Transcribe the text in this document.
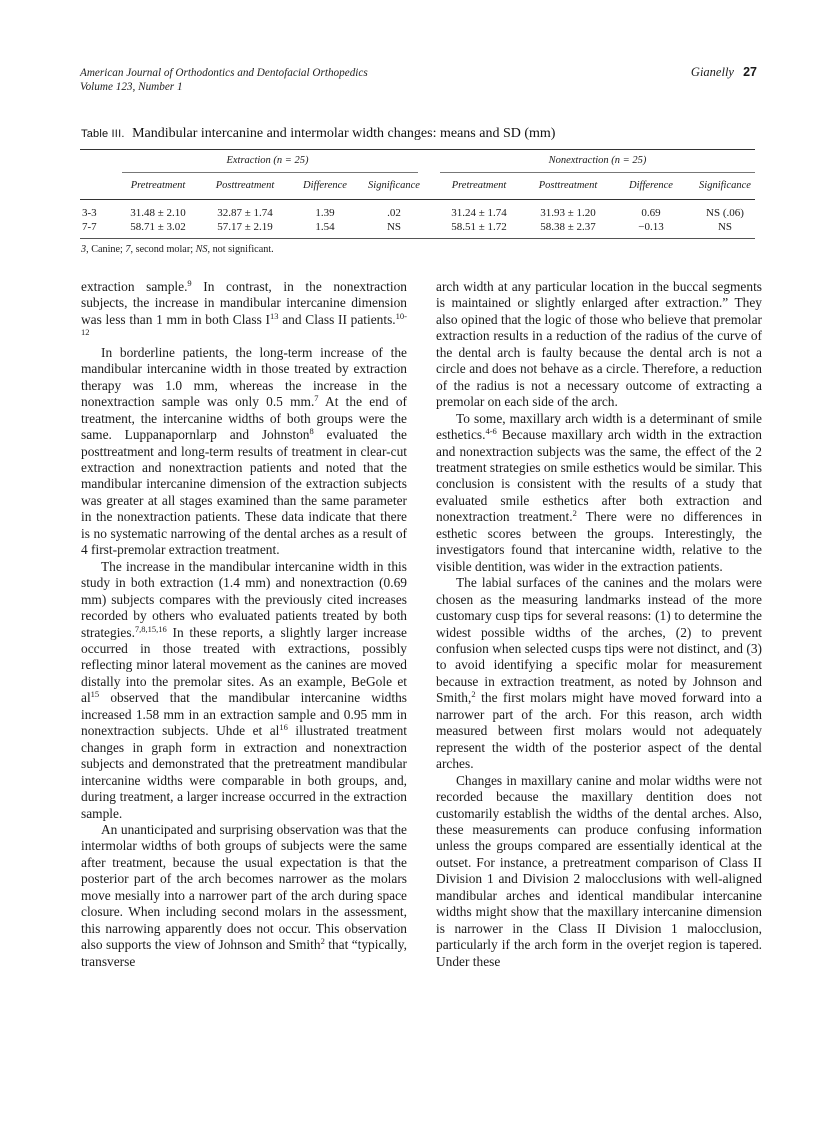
American Journal of Orthodontics and Dentofacial Orthopedics
Volume 123, Number 1
Gianelly 27
Table III. Mandibular intercanine and intermolar width changes: means and SD (mm)
Extraction (n = 25)	Nonextraction (n = 25)
Pretreatment	Posttreatment	Difference	Significance	Pretreatment	Posttreatment	Difference	Significance
3-3	31.48 ± 2.10	32.87 ± 1.74	1.39	.02	31.24 ± 1.74	31.93 ± 1.20	0.69	NS (.06)
7-7	58.71 ± 3.02	57.17 ± 2.19	1.54	NS	58.51 ± 1.72	58.38 ± 2.37	−0.13	NS
3, Canine; 7, second molar; NS, not significant.

extraction sample.$^9$ In contrast, in the nonextraction subjects, the increase in mandibular intercanine dimension was less than 1 mm in both Class $I^{13}$ and Class II patients.$^{10-12}$

In borderline patients, the long-term increase of the mandibular intercanine width in those treated by extraction therapy was 1.0 mm, whereas the increase in the nonextraction sample was only 0.5 mm.$^7$ At the end of treatment, the intercanine widths of both groups were the same. Luppanapornlarp and Johnston$^8$ evaluated the posttreatment and long-term results of treatment in clear-cut extraction and nonextraction patients and noted that the mandibular intercanine dimension of the extraction subjects was greater at all stages examined than the same parameter in the nonextraction patients. These data indicate that there is no systematic narrowing of the dental arches as a result of 4 first-premolar extraction treatment.

The increase in the mandibular intercanine width in this study in both extraction (1.4 mm) and nonextraction (0.69 mm) subjects compares with the previously cited increases recorded by others who evaluated patients treated by both strategies.$^{7,8,15,16}$ In these reports, a slightly larger increase occurred in those treated with extractions, possibly reflecting minor lateral movement as the canines are moved distally into the premolar sites. As an example, BeGole et $al^{15}$ observed that the mandibular intercanine widths increased 1.58 mm in an extraction sample and 0.95 mm in nonextraction subjects. Uhde et $al^{16}$ illustrated treatment changes in graph form in extraction and nonextraction subjects and demonstrated that the pretreatment mandibular intercanine widths were comparable in both groups, and, during treatment, a larger increase occurred in the extraction sample.

An unanticipated and surprising observation was that the intermolar widths of both groups of subjects were the same after treatment, because the usual expectation is that the posterior part of the arch becomes narrower as the molars move mesially into a narrower part of the arch during space closure. When including second molars in the assessment, this narrowing apparently does not occur. This observation also supports the view of Johnson and Smith$^2$ that “typically, transverse

arch width at any particular location in the buccal segments is maintained or slightly enlarged after extraction.” They also opined that the logic of those who believe that premolar extraction results in a reduction of the radius of the curve of the dental arch is faulty because the dental arch is not a circle and does not behave as a circle. Therefore, a reduction of the radius is not a necessary outcome of extracting a premolar on each side of the arch.

To some, maxillary arch width is a determinant of smile esthetics.$^{4-6}$ Because maxillary arch width in the extraction and nonextraction subjects was the same, the effect of the 2 treatment strategies on smile esthetics would be similar. This conclusion is consistent with the results of a study that evaluated smile esthetics after both extraction and nonextraction treatment.$^2$ There were no differences in esthetic scores between the groups. Interestingly, the investigators found that intercanine width, relative to the visible dentition, was wider in the extraction patients.

The labial surfaces of the canines and the molars were chosen as the measuring landmarks instead of the more customary cusp tips for several reasons: (1) to determine the widest possible widths of the arches, (2) to prevent confusion when selected cusps tips were not distinct, and (3) to avoid identifying a specific molar for measurement because in extraction treatment, as noted by Johnson and Smith,$^2$ the first molars might have moved forward into a narrower part of the arch. For this reason, arch width measured between first molars would not adequately represent the width of the posterior aspect of the dental arches.

Changes in maxillary canine and molar widths were not recorded because the maxillary dentition does not customarily establish the widths of the dental arches. Also, these measurements can produce confusing information unless the groups compared are essentially identical at the outset. For instance, a pretreatment comparison of Class II Division 1 and Division 2 malocclusions with well-aligned mandibular arches and identical mandibular intercanine widths might show that the maxillary intercanine dimension is narrower in the Class II Division 1 malocclusion, particularly if the arch form in the overjet region is tapered. Under these
